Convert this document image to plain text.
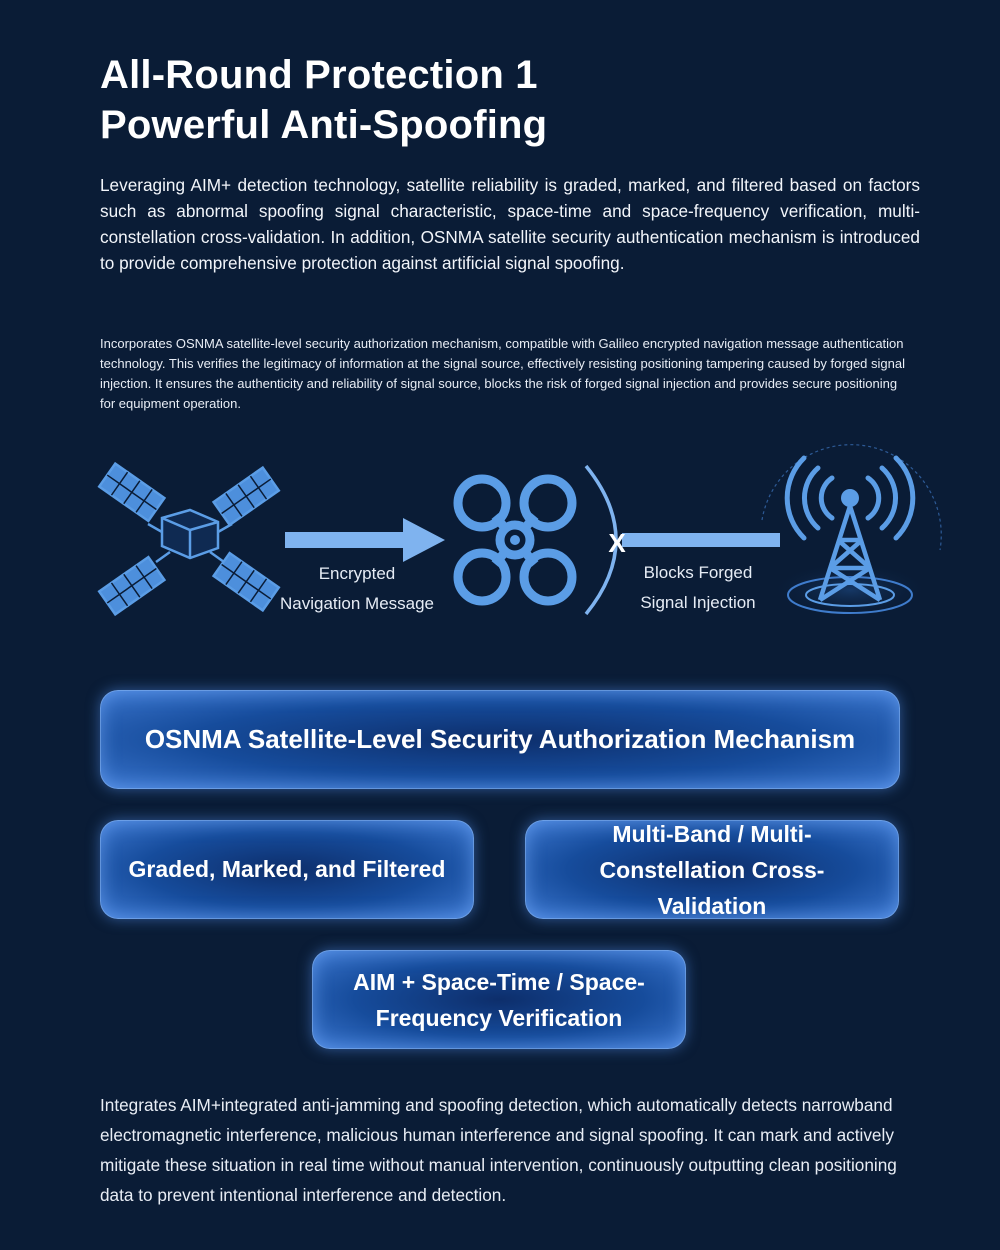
All-Round Protection 1
Powerful Anti-Spoofing

Leveraging AIM+ detection technology, satellite reliability is graded, marked, and filtered based on factors such as abnormal spoofing signal characteristic, space-time and space-frequency verification, multi-constellation cross-validation. In addition, OSNMA satellite security authentication mechanism is introduced to provide comprehensive protection against artificial signal spoofing.

Incorporates OSNMA satellite-level security authorization mechanism, compatible with Galileo encrypted navigation message authentication technology. This verifies the legitimacy of information at the signal source, effectively resisting positioning tampering caused by forged signal injection. It ensures the authenticity and reliability of signal source, blocks the risk of forged signal injection and provides secure positioning for equipment operation.

X
Encrypted
Navigation Message
Blocks Forged
Signal Injection
OSNMA Satellite-Level Security Authorization Mechanism
Graded, Marked, and Filtered
Multi-Band / Multi-Constellation Cross-Validation
AIM + Space-Time / Space-Frequency Verification

Integrates AIM+integrated anti-jamming and spoofing detection, which automatically detects narrowband electromagnetic interference, malicious human interference and signal spoofing. It can mark and actively mitigate these situation in real time without manual intervention, continuously outputting clean positioning data to prevent intentional interference and detection.
